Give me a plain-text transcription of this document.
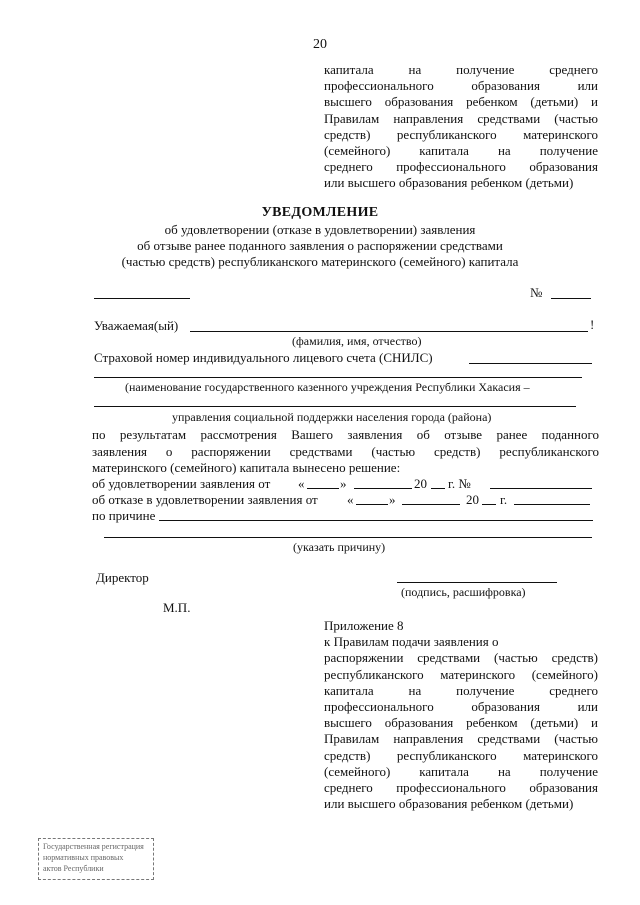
20
капитала на получение среднего
профессионального образования или
высшего образования ребенком (детьми) и
Правилам направления средствами (частью
средств) республиканского материнского
(семейного) капитала на получение
среднего профессионального образования
или высшего образования ребенком (детьми)
УВЕДОМЛЕНИЕ
об удовлетворении (отказе в удовлетворении) заявления
об отзыве ранее поданного заявления о распоряжении средствами
(частью средств) республиканского материнского (семейного) капитала
№
Уважаемая(ый)	!
(фамилия, имя, отчество)
Страховой номер индивидуального лицевого счета (СНИЛС)
(наименование государственного казенного учреждения Республики Хакасия –
управления социальной поддержки населения города (района)
по результатам рассмотрения Вашего заявления об отзыве ранее поданного
заявления о распоряжении средствами (частью средств) республиканского
материнского (семейного) капитала вынесено решение:
об удовлетворении заявления от «	»	20 г. №
об отказе в удовлетворении заявления от «	»	20 г.
по причине
(указать причину)
Директор
(подпись, расшифровка)
М.П.
Приложение 8
к Правилам подачи заявления о
распоряжении средствами (частью средств)
республиканского материнского (семейного)
капитала на получение среднего
профессионального образования или
высшего образования ребенком (детьми) и
Правилам направления средствами (частью
средств) республиканского материнского
(семейного) капитала на получение
среднего профессионального образования
или высшего образования ребенком (детьми)
Государственная регистрация
нормативных правовых
актов Республики
